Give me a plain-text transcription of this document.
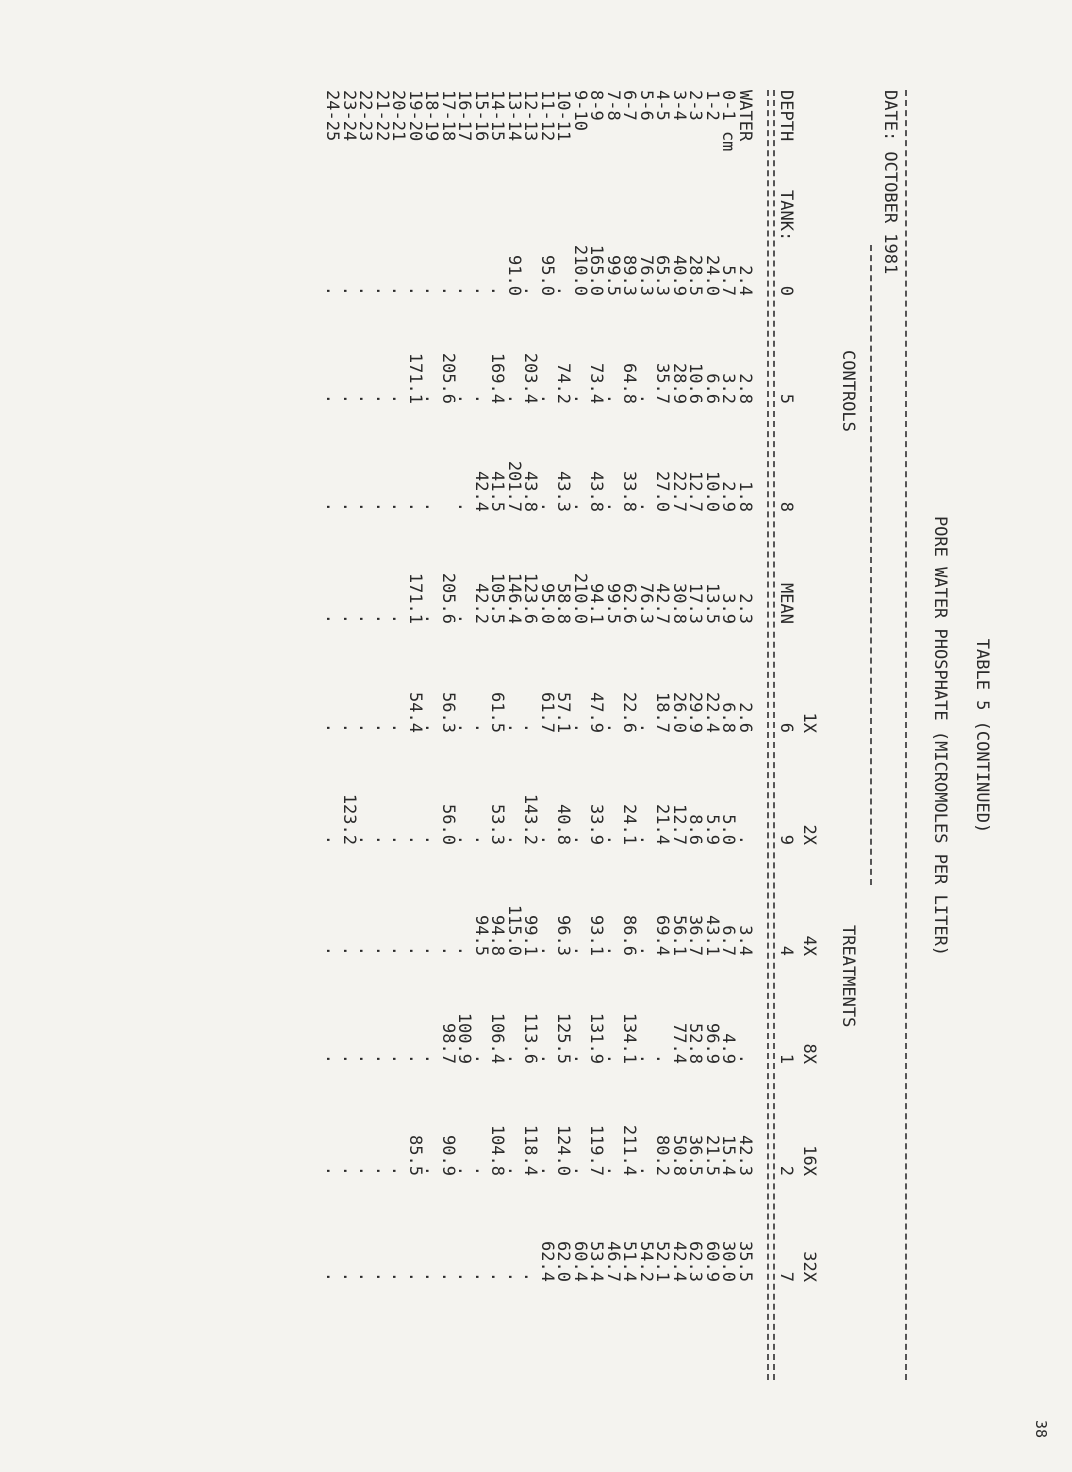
38
TABLE 5 (CONTINUED)
PORE WATER PHOSPHATE (MICROMOLES PER LITER)
DATE: OCTOBER 1981
CONTROLS
TREATMENTS
DEPTH
TANK:
0
5
8
MEAN
1X
6
2X
9
4X
4
8X
1
16X
2
32X
7
WATER
2.4
2.8
1.8
2.3
2.6
.
3.4
.
42.3
35.5
0-1 cm
5.7
3.2
2.9
3.9
6.8
5.0
6.7
4.9
15.4
30.0
1-2
24.0
6.6
10.0
13.5
22.4
5.9
43.1
96.9
21.5
60.9
2-3
28.5
10.6
12.7
17.3
29.9
8.6
36.7
52.8
36.5
62.3
3-4
40.9
28.9
22.7
30.8
26.0
12.7
56.1
77.4
50.8
42.4
4-5
65.3
35.7
27.0
42.7
18.7
21.4
69.4
.
80.2
52.1
5-6
76.3
.
.
76.3
.
.
.
.
.
54.2
6-7
89.3
64.8
33.8
62.6
22.6
24.1
86.6
134.1
211.4
51.4
7-8
99.5
.
.
99.5
.
.
.
.
.
46.7
8-9
165.0
73.4
43.8
94.1
47.9
33.9
93.1
131.9
119.7
53.4
9-10
210.0
.
.
210.0
.
.
.
.
.
60.4
10-11
.
74.2
43.3
58.8
57.1
40.8
96.3
125.5
124.0
62.0
11-12
95.0
.
.
95.0
61.7
.
.
.
.
62.4
12-13
.
203.4
43.8
123.6
.
143.2
99.1
113.6
118.4
.
13-14
91.0
.
201.7
146.4
.
.
115.0
.
.
.
14-15
.
169.4
41.5
105.5
61.5
53.3
94.8
106.4
104.8
.
15-16
.
.
42.4
42.2
.
.
94.5
.
.
.
16-17
.
.
.
.
.
.
.
100.9
.
.
17-18
.
205.6
205.6
56.3
56.0
.
98.7
90.9
.
18-19
.
.
.
.
.
.
.
.
.
.
19-20
.
171.1
.
171.1
54.4
.
.
.
85.5
.
20-21
.
.
.
.
.
.
.
.
.
.
21-22
.
.
.
.
.
.
.
.
.
.
22-23
.
.
.
.
.
.
.
.
.
.
23-24
.
.
.
.
.
123.2
.
.
.
.
24-25
.
.
.
.
.
.
.
.
.
.
